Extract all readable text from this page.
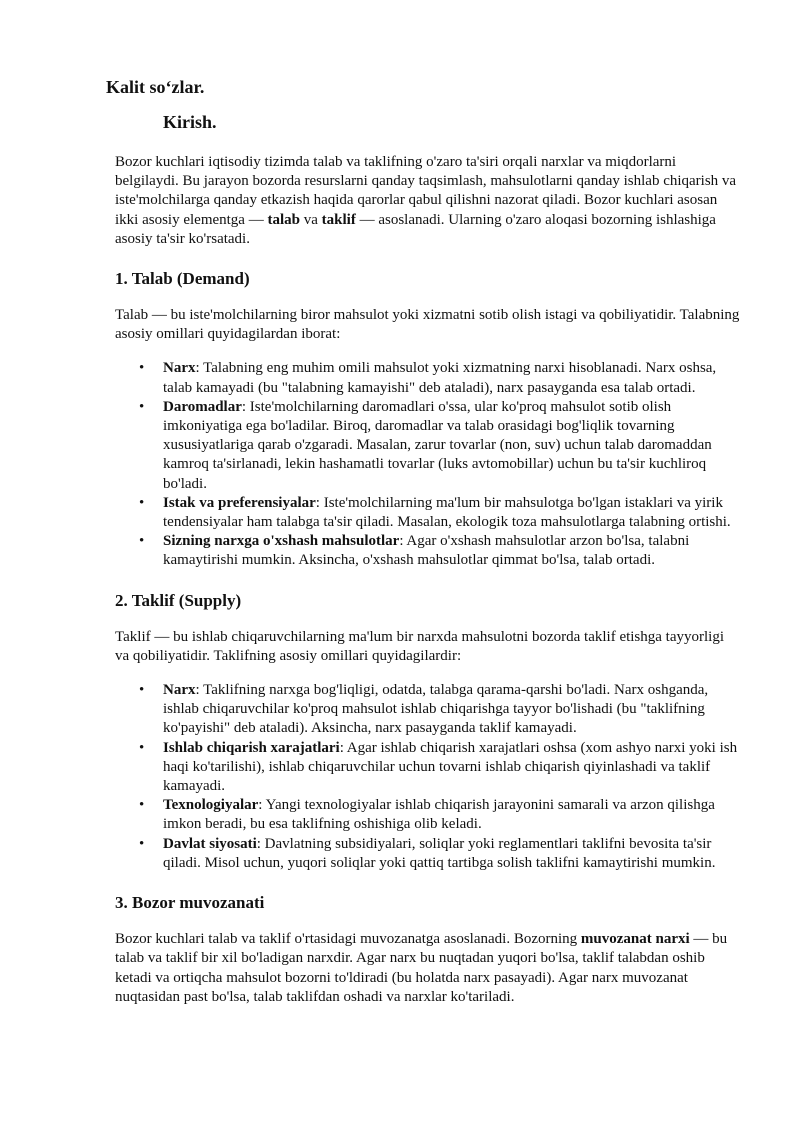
Kalit so‘zlar.
Kirish.

Bozor kuchlari iqtisodiy tizimda talab va taklifning o'zaro ta'siri orqali narxlar va miqdorlarni belgilaydi. Bu jarayon bozorda resurslarni qanday taqsimlash, mahsulotlarni qanday ishlab chiqarish va iste'molchilarga qanday etkazish haqida qarorlar qabul qilishni nazorat qiladi. Bozor kuchlari asosan ikki asosiy elementga — talab va taklif — asoslanadi. Ularning o'zaro aloqasi bozorning ishlashiga asosiy ta'sir ko'rsatadi.

1. Talab (Demand)

Talab — bu iste'molchilarning biror mahsulot yoki xizmatni sotib olish istagi va qobiliyatidir. Talabning asosiy omillari quyidagilardan iborat:

• Narx: Talabning eng muhim omili mahsulot yoki xizmatning narxi hisoblanadi. Narx oshsa, talab kamayadi (bu "talabning kamayishi" deb ataladi), narx pasayganda esa talab ortadi.
• Daromadlar: Iste'molchilarning daromadlari o'ssa, ular ko'proq mahsulot sotib olish imkoniyatiga ega bo'ladilar. Biroq, daromadlar va talab orasidagi bog'liqlik tovarning xususiyatlariga qarab o'zgaradi. Masalan, zarur tovarlar (non, suv) uchun talab daromaddan kamroq ta'sirlanadi, lekin hashamatli tovarlar (luks avtomobillar) uchun bu ta'sir kuchliroq bo'ladi.
• Istak va preferensiyalar: Iste'molchilarning ma'lum bir mahsulotga bo'lgan istaklari va yirik tendensiyalar ham talabga ta'sir qiladi. Masalan, ekologik toza mahsulotlarga talabning ortishi.
• Sizning narxga o'xshash mahsulotlar: Agar o'xshash mahsulotlar arzon bo'lsa, talabni kamaytirishi mumkin. Aksincha, o'xshash mahsulotlar qimmat bo'lsa, talab ortadi.
2. Taklif (Supply)

Taklif — bu ishlab chiqaruvchilarning ma'lum bir narxda mahsulotni bozorda taklif etishga tayyorligi va qobiliyatidir. Taklifning asosiy omillari quyidagilardir:

• Narx: Taklifning narxga bog'liqligi, odatda, talabga qarama-qarshi bo'ladi. Narx oshganda, ishlab chiqaruvchilar ko'proq mahsulot ishlab chiqarishga tayyor bo'lishadi (bu "taklifning ko'payishi" deb ataladi). Aksincha, narx pasayganda taklif kamayadi.
• Ishlab chiqarish xarajatlari: Agar ishlab chiqarish xarajatlari oshsa (xom ashyo narxi yoki ish haqi ko'tarilishi), ishlab chiqaruvchilar uchun tovarni ishlab chiqarish qiyinlashadi va taklif kamayadi.
• Texnologiyalar: Yangi texnologiyalar ishlab chiqarish jarayonini samarali va arzon qilishga imkon beradi, bu esa taklifning oshishiga olib keladi.
• Davlat siyosati: Davlatning subsidiyalari, soliqlar yoki reglamentlari taklifni bevosita ta'sir qiladi. Misol uchun, yuqori soliqlar yoki qattiq tartibga solish taklifni kamaytirishi mumkin.
3. Bozor muvozanati

Bozor kuchlari talab va taklif o'rtasidagi muvozanatga asoslanadi. Bozorning muvozanat narxi — bu talab va taklif bir xil bo'ladigan narxdir. Agar narx bu nuqtadan yuqori bo'lsa, taklif talabdan oshib ketadi va ortiqcha mahsulot bozorni to'ldiradi (bu holatda narx pasayadi). Agar narx muvozanat nuqtasidan past bo'lsa, talab taklifdan oshadi va narxlar ko'tariladi.
